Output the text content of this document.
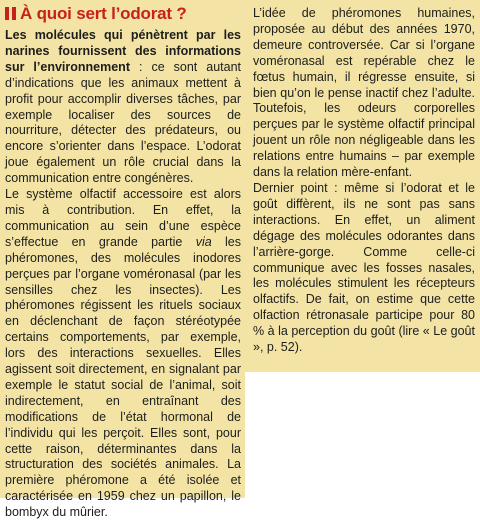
À quoi sert l’odorat ?

Les molécules qui pénètrent par les narines fournissent des informations sur l’environnement : ce sont autant d’indications que les animaux mettent à profit pour accomplir diverses tâches, par exemple localiser des sources de nourriture, détecter des prédateurs, ou encore s’orienter dans l’espace. L’odorat joue également un rôle crucial dans la communication entre congénères.

Le système olfactif accessoire est alors mis à contribution. En effet, la communication au sein d’une espèce s’effectue en grande partie via les phéromones, des molécules inodores perçues par l’organe voméronasal (par les sensilles chez les insectes). Les phéromones régissent les rituels sociaux en déclenchant de façon stéréotypée certains comportements, par exemple, lors des interactions sexuelles. Elles agissent soit directement, en signalant par exemple le statut social de l’animal, soit indirectement, en entraînant des modifications de l’état hormonal de l’individu qui les perçoit. Elles sont, pour cette raison, déterminantes dans la structuration des sociétés animales. La première phéromone a été isolée et caractérisée en 1959 chez un papillon, le bombyx du mûrier.

L’idée de phéromones humaines, proposée au début des années 1970, demeure controversée. Car si l’organe voméronasal est repérable chez le fœtus humain, il régresse ensuite, si bien qu’on le pense inactif chez l’adulte. Toutefois, les odeurs corporelles perçues par le système olfactif principal jouent un rôle non négligeable dans les relations entre humains – par exemple dans la relation mère-enfant.

Dernier point : même si l’odorat et le goût diffèrent, ils ne sont pas sans interactions. En effet, un aliment dégage des molécules odorantes dans l’arrière-gorge. Comme celle-ci communique avec les fosses nasales, les molécules stimulent les récepteurs olfactifs. De fait, on estime que cette olfaction rétronasale participe pour 80 % à la perception du goût (lire « Le goût », p. 52).
